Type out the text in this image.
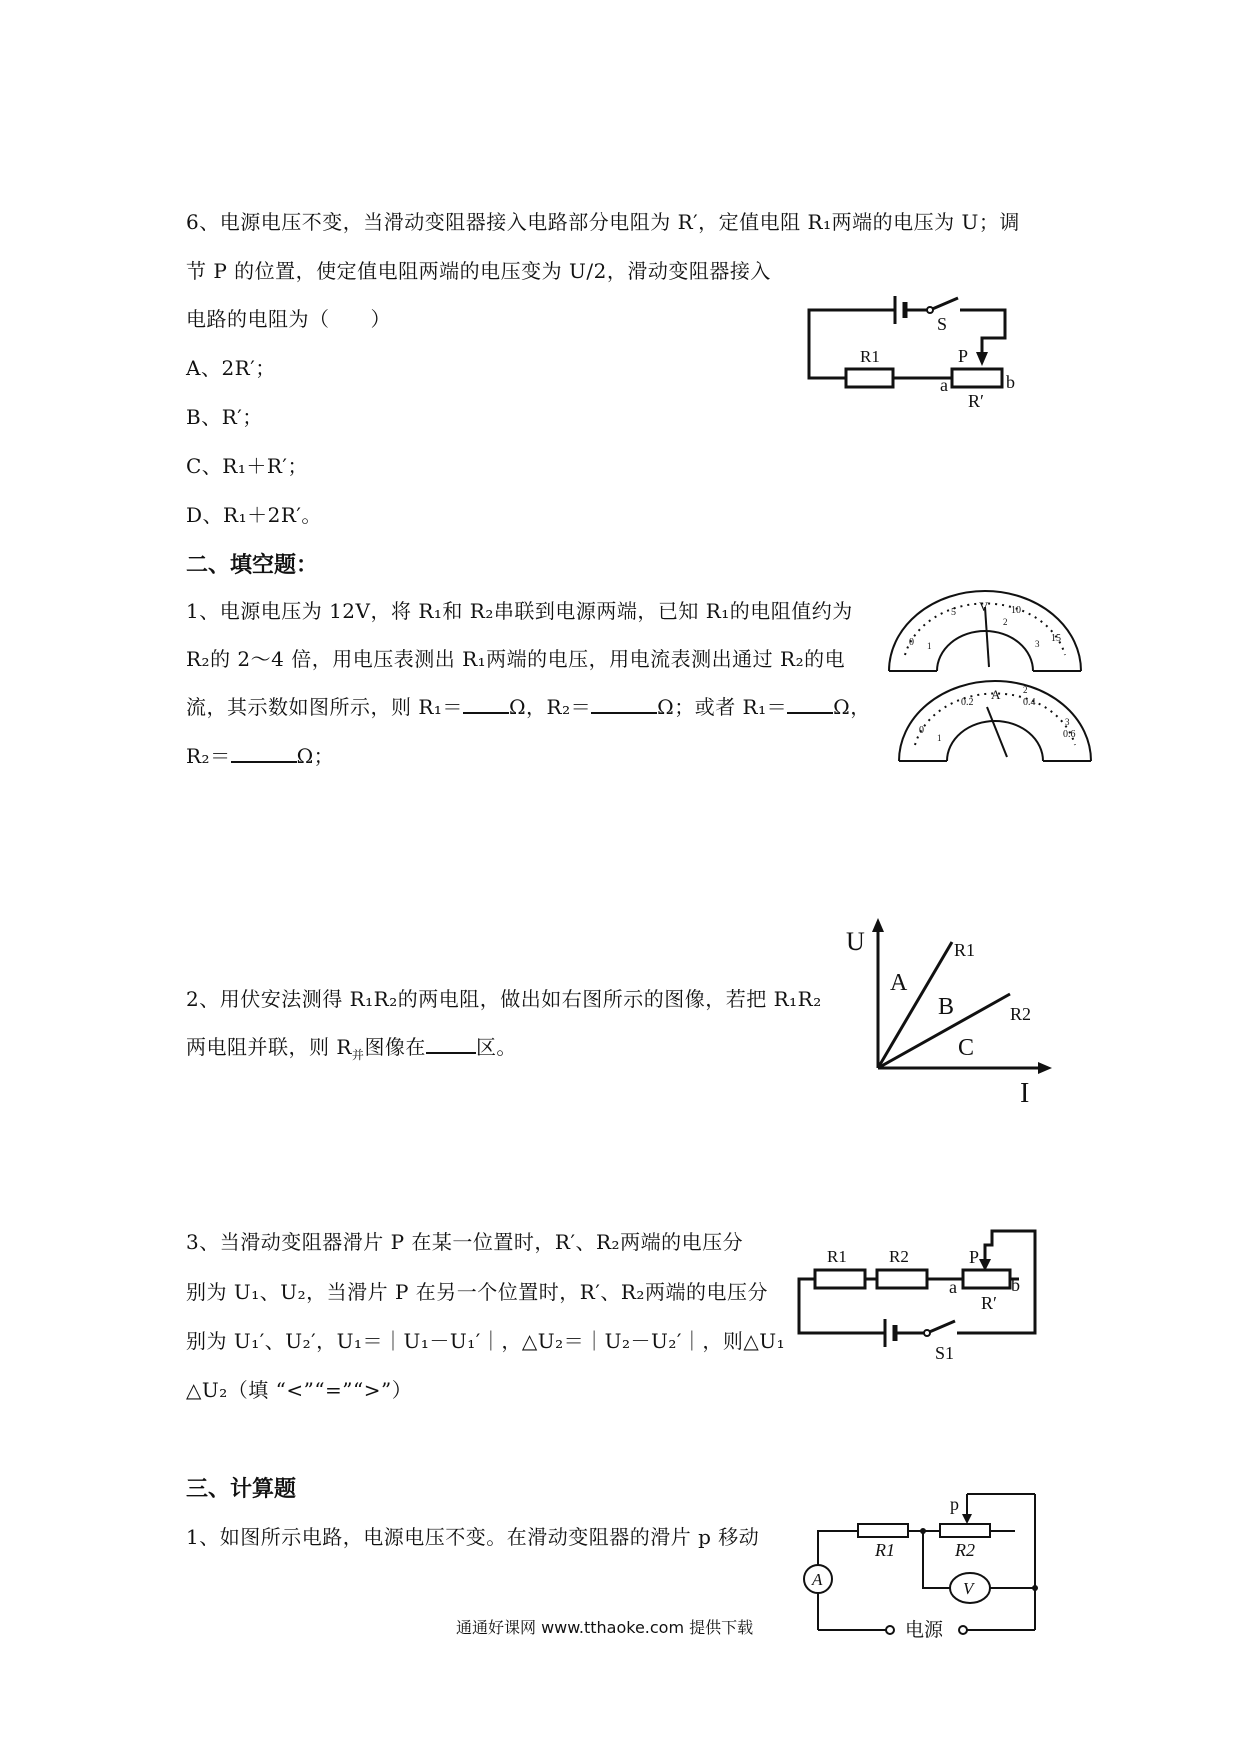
6、电源电压不变，当滑动变阻器接入电路部分电阻为 R′，定值电阻 R₁两端的电压为 U；调
节 P 的位置，使定值电阻两端的电压变为 U/2，滑动变阻器接入
电路的电阻为（　　）
A、2R′；
B、R′；
C、R₁＋R′；
D、R₁＋2R′。
S
R1	P
a	b
R′
二、填空题：
1、电源电压为 12V，将 R₁和 R₂串联到电源两端，已知 R₁的电阻值约为
R₂的 2～4 倍，用电压表测出 R₁两端的电压，用电流表测出通过 R₂的电
流，其示数如图所示，则 R₁＝ Ω，R₂＝	Ω；或者 R₁＝ Ω，
R₂＝	Ω；
0
5	10
15
1
2
3
V
0
0.2	0.4
0.6
1
2
3
A
2、用伏安法测得 R₁R₂的两电阻，做出如右图所示的图像，若把 R₁R₂
两电阻并联，则 $R_并$图像在	区。
U
I
R1
R2
A
B
C
3、当滑动变阻器滑片 P 在某一位置时，R′、R₂两端的电压分
别为 U₁、U₂，当滑片 P 在另一个位置时，R′、R₂两端的电压分
别为 U₁′、U₂′，U₁＝｜U₁－U₁′｜，△U₂＝｜U₂－U₂′｜，则△U₁
△U₂（填 “<”“=”“>”）
R1 R2	P
a	b
R′
S1
三、计算题
1、如图所示电路，电源电压不变。在滑动变阻器的滑片 p 移动
p
R1	R2
A	V
电源
通通好课网 www.tthaoke.com 提供下载
